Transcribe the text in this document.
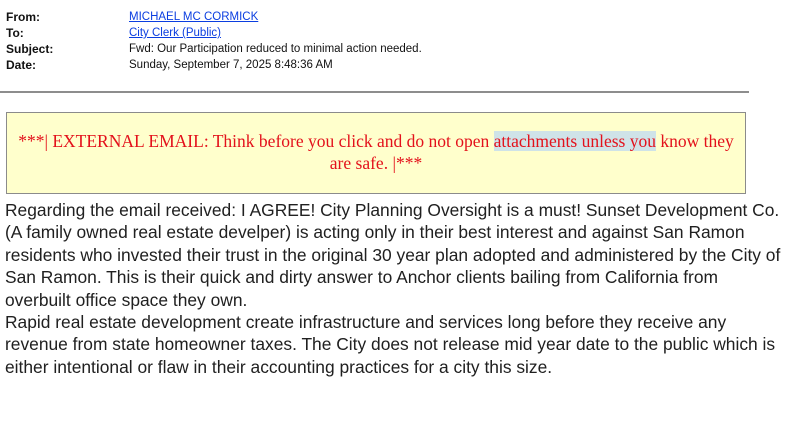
From:	MICHAEL MC CORMICK
To:	City Clerk (Public)
Subject:	Fwd: Our Participation reduced to minimal action needed.
Date:	Sunday, September 7, 2025 8:48:36 AM
***| EXTERNAL EMAIL: Think before you click and do not open attachments unless you know they are safe. |***

Regarding the email received: I AGREE! City Planning Oversight is a must! Sunset Development Co. (A family owned real estate develper) is acting only in their best interest and against San Ramon residents who invested their trust in the original 30 year plan adopted and administered by the City of San Ramon. This is their quick and dirty answer to Anchor clients bailing from California from overbuilt office space they own.

Rapid real estate development create infrastructure and services long before they receive any revenue from state homeowner taxes. The City does not release mid year date to the public which is either intentional or flaw in their accounting practices for a city this size.
